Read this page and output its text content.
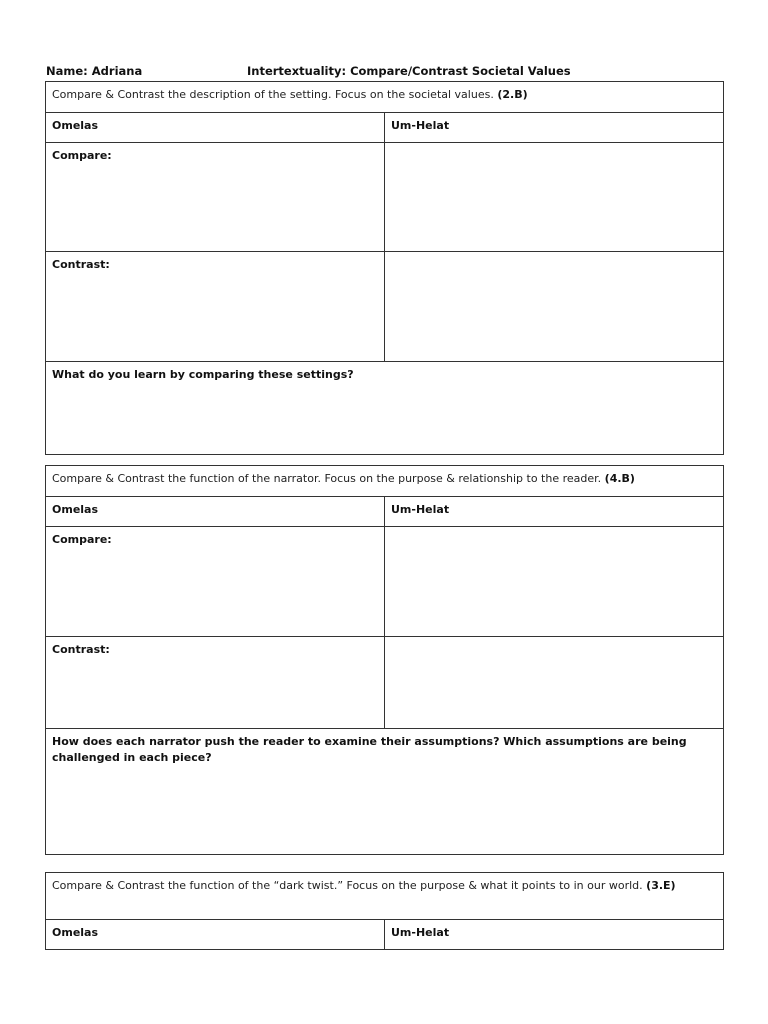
Name: Adriana	Intertextuality: Compare/Contrast Societal Values
Compare & Contrast the description of the setting. Focus on the societal values. (2.B)	
Omelas	Um-Helat
Compare:	
Contrast:	
What do you learn by comparing these settings?	
Compare & Contrast the function of the narrator. Focus on the purpose & relationship to the reader. (4.B)	
Omelas	Um-Helat
Compare:	
Contrast:	
How does each narrator push the reader to examine their assumptions? Which assumptions are being challenged in each piece?	
Compare & Contrast the function of the “dark twist.” Focus on the purpose & what it points to in our world. (3.E)
Omelas	Um-Helat
